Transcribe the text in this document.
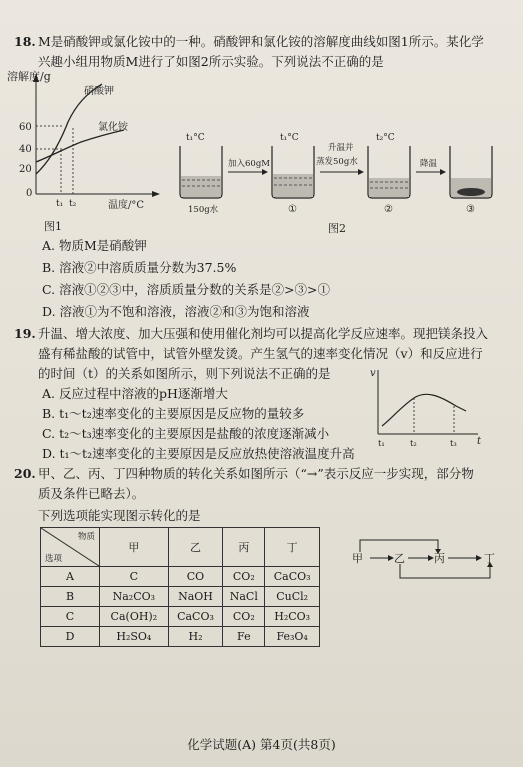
18. M是硝酸钾或氯化铵中的一种。硝酸钾和氯化铵的溶解度曲线如图1所示。某化学
兴趣小组用物质M进行了如图2所示实验。下列说法不正确的是
溶解度/g
硝酸钾
氯化铵
60
40
20
0
t₁ t₂	温度/°C
图1
t₁°C
150g水
加入60gM
t₁°C
①
升温并
蒸发50g水
t₂°C
②
降温
③
图2
A. 物质M是硝酸钾
B. 溶液②中溶质质量分数为37.5%
C. 溶液①②③中，溶质质量分数的关系是②>③>①
D. 溶液①为不饱和溶液，溶液②和③为饱和溶液
19. 升温、增大浓度、加大压强和使用催化剂均可以提高化学反应速率。现把镁条投入
盛有稀盐酸的试管中，试管外壁发烫。产生氢气的速率变化情况（v）和反应进行
的时间（t）的关系如图所示，则下列说法不正确的是	v
t
t₁	t₂	t₃
A. 反应过程中溶液的pH逐渐增大
B. t₁～t₂速率变化的主要原因是反应物的量较多
C. t₂～t₃速率变化的主要原因是盐酸的浓度逐渐减小
D. t₁～t₂速率变化的主要原因是反应放热使溶液温度升高
20. 甲、乙、丙、丁四种物质的转化关系如图所示（“→”表示反应一步实现，部分物
质及条件已略去）。
下列选项能实现图示转化的是
物质
选项	甲	乙	丙	丁
A	C	CO	CO₂	CaCO₃
B	Na₂CO₃	NaOH	NaCl	CuCl₂
C	Ca(OH)₂	CaCO₃	CO₂	H₂CO₃
D	H₂SO₄	H₂	Fe	Fe₃O₄
甲	乙	丙	丁
化学试题(A) 第4页(共8页)
